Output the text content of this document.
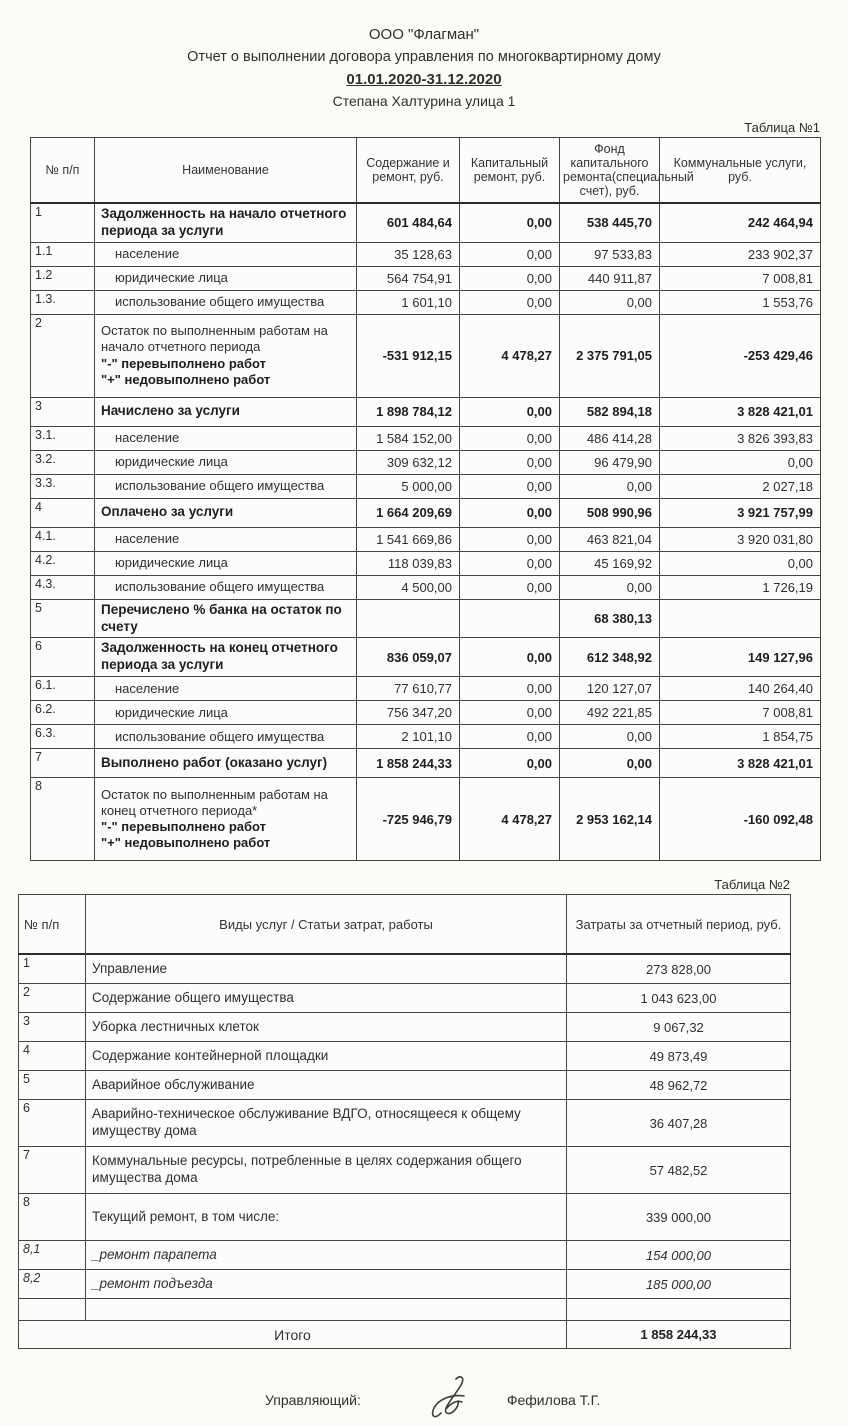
ООО "Флагман"
Отчет о выполнении договора управления по многоквартирному дому
01.01.2020-31.12.2020
Степана Халтурина улица 1
Таблица №1
№ п/п	Наименование	Содержание и ремонт, руб.	Капитальный ремонт, руб.	Фонд капитального ремонта(специальный счет), руб.	Коммунальные услуги, руб.
1	Задолженность на начало отчетного периода за услуги	601 484,64	0,00	538 445,70	242 464,94
1.1	население	35 128,63	0,00	97 533,83	233 902,37
1.2	юридические лица	564 754,91	0,00	440 911,87	7 008,81
1.3.	использование общего имущества	1 601,10	0,00	0,00	1 553,76
2	Остаток по выполненным работам на начало отчетного периода
"-" перевыполнено работ
"+" недовыполнено работ	-531 912,15	4 478,27	2 375 791,05	-253 429,46
3	Начислено за услуги	1 898 784,12	0,00	582 894,18	3 828 421,01
3.1.	население	1 584 152,00	0,00	486 414,28	3 826 393,83
3.2.	юридические лица	309 632,12	0,00	96 479,90	0,00
3.3.	использование общего имущества	5 000,00	0,00	0,00	2 027,18
4	Оплачено за услуги	1 664 209,69	0,00	508 990,96	3 921 757,99
4.1.	население	1 541 669,86	0,00	463 821,04	3 920 031,80
4.2.	юридические лица	118 039,83	0,00	45 169,92	0,00
4.3.	использование общего имущества	4 500,00	0,00	0,00	1 726,19
5	Перечислено % банка на остаток по счету			68 380,13	
6	Задолженность на конец отчетного периода за услуги	836 059,07	0,00	612 348,92	149 127,96
6.1.	население	77 610,77	0,00	120 127,07	140 264,40
6.2.	юридические лица	756 347,20	0,00	492 221,85	7 008,81
6.3.	использование общего имущества	2 101,10	0,00	0,00	1 854,75
7	Выполнено работ (оказано услуг)	1 858 244,33	0,00	0,00	3 828 421,01
8	Остаток по выполненным работам на конец отчетного периода*
"-" перевыполнено работ
"+" недовыполнено работ	-725 946,79	4 478,27	2 953 162,14	-160 092,48
Таблица №2
№ п/п	Виды услуг / Статьи затрат, работы	Затраты за отчетный период, руб.
1	Управление	273 828,00
2	Содержание общего имущества	1 043 623,00
3	Уборка лестничных клеток	9 067,32
4	Содержание контейнерной площадки	49 873,49
5	Аварийное обслуживание	48 962,72
6	Аварийно-техническое обслуживание ВДГО, относящееся к общему имуществу дома	36 407,28
7	Коммунальные ресурсы, потребленные в целях содержания общего имущества дома	57 482,52
8	Текущий ремонт, в том числе:	339 000,00
8,1	_ремонт парапета	154 000,00
8,2	_ремонт подъезда	185 000,00

Итого		1 858 244,33
Управляющий:	Фефилова Т.Г.
